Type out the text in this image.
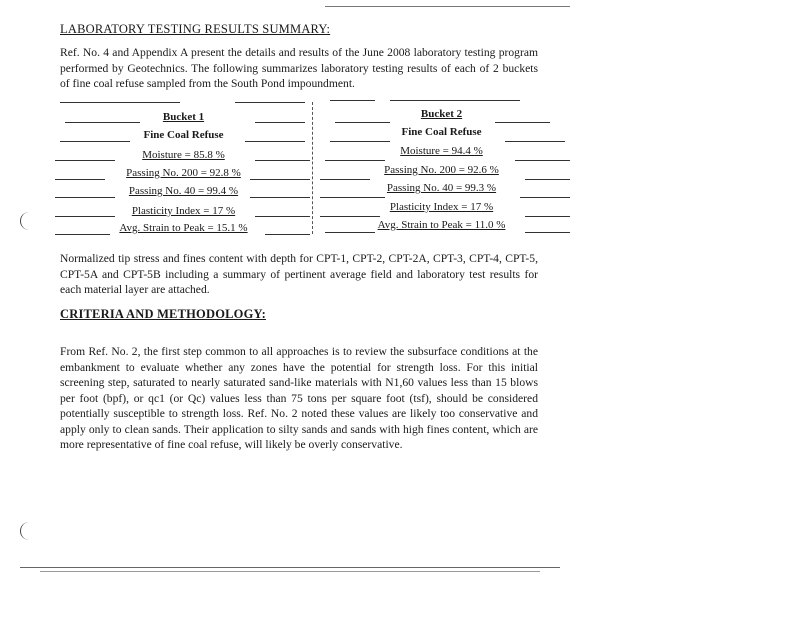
LABORATORY TESTING RESULTS SUMMARY:
Ref. No. 4 and Appendix A present the details and results of the June 2008 laboratory testing program performed by Geotechnics. The following summarizes laboratory testing results of each of 2 buckets of fine coal refuse sampled from the South Pond impoundment.
Bucket 1
Fine Coal Refuse
Moisture = 85.8 %
Passing No. 200 = 92.8 %
Passing No. 40 = 99.4 %
Plasticity Index = 17 %
Avg. Strain to Peak = 15.1 %
Bucket 2
Fine Coal Refuse
Moisture = 94.4 %
Passing No. 200 = 92.6 %
Passing No. 40 = 99.3 %
Plasticity Index = 17 %
Avg. Strain to Peak = 11.0 %
Normalized tip stress and fines content with depth for CPT-1, CPT-2, CPT-2A, CPT-3, CPT-4, CPT-5, CPT-5A and CPT-5B including a summary of pertinent average field and laboratory test results for each material layer are attached.
CRITERIA AND METHODOLOGY:
From Ref. No. 2, the first step common to all approaches is to review the subsurface conditions at the embankment to evaluate whether any zones have the potential for strength loss. For this initial screening step, saturated to nearly saturated sand-like materials with N1,60 values less than 15 blows per foot (bpf), or qc1 (or Qc) values less than 75 tons per square foot (tsf), should be considered potentially susceptible to strength loss. Ref. No. 2 noted these values are likely too conservative and apply only to clean sands. Their application to silty sands and sands with high fines content, which are more representative of fine coal refuse, will likely be overly conservative.
